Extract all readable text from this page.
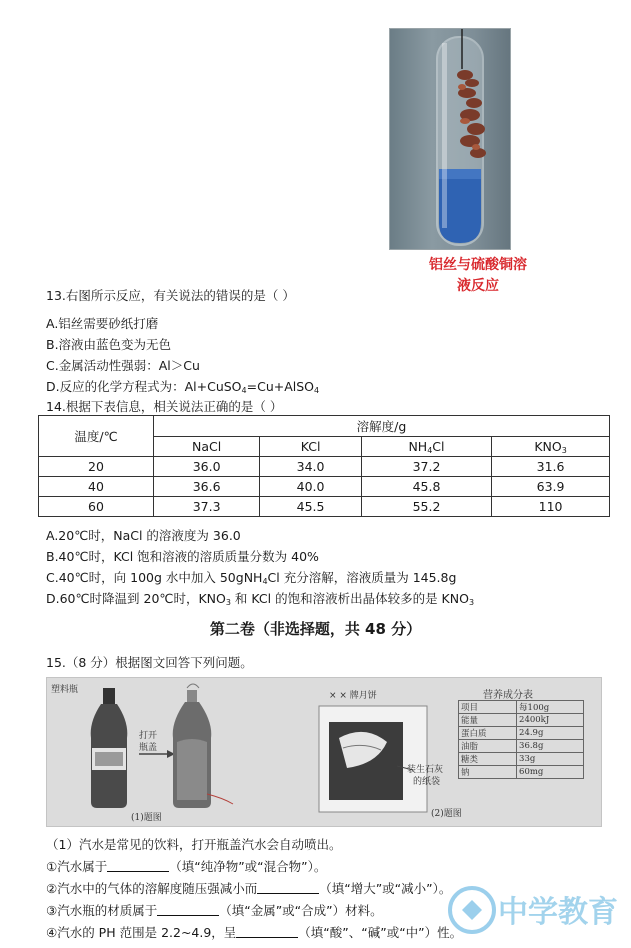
铝丝与硫酸铜溶
液反应
13.右图所示反应，有关说法的错误的是（ ）
A.铝丝需要砂纸打磨
B.溶液由蓝色变为无色
C.金属活动性强弱：Al＞Cu
D.反应的化学方程式为：Al+CuSO$_4$=Cu+AlSO$_4$
14.根据下表信息，相关说法正确的是（ ）
温度/℃	溶解度/g			
	NaCl	KCl	$NH_4Cl$	$KNO_3$
20	36.0	34.0	37.2	31.6
40	36.6	40.0	45.8	63.9
60	37.3	45.5	55.2	110
A.20℃时，NaCl 的溶液度为 36.0
B.40℃时，KCl 饱和溶液的溶质质量分数为 40%
C.40℃时，向 100g 水中加入 50gNH$_4$Cl 充分溶解，溶液质量为 145.8g
D.60℃时降温到 20℃时，$KNO_3$ 和 KCl 的饱和溶液析出晶体较多的是 $KNO_3$
第二卷（非选择题，共 48 分）
15.（8 分）根据图文回答下列问题。
塑料瓶
打开
瓶盖
(1)题图
× × 牌月饼
装生石灰
的纸袋
(2)题图
营养成分表
项目	每100g
能量	2400kJ
蛋白质	24.9g
油脂	36.8g
糖类	33g
钠	60mg
（1）汽水是常见的饮料，打开瓶盖汽水会自动喷出。
①汽水属于	（填“纯净物”或“混合物”）。
②汽水中的气体的溶解度随压强减小而	（填“增大”或“减小”）。
③汽水瓶的材质属于	（填“金属”或“合成”）材料。
④汽水的 PH 范围是 2.2~4.9，呈	（填“酸”、“碱”或“中”）性。
中学教育
